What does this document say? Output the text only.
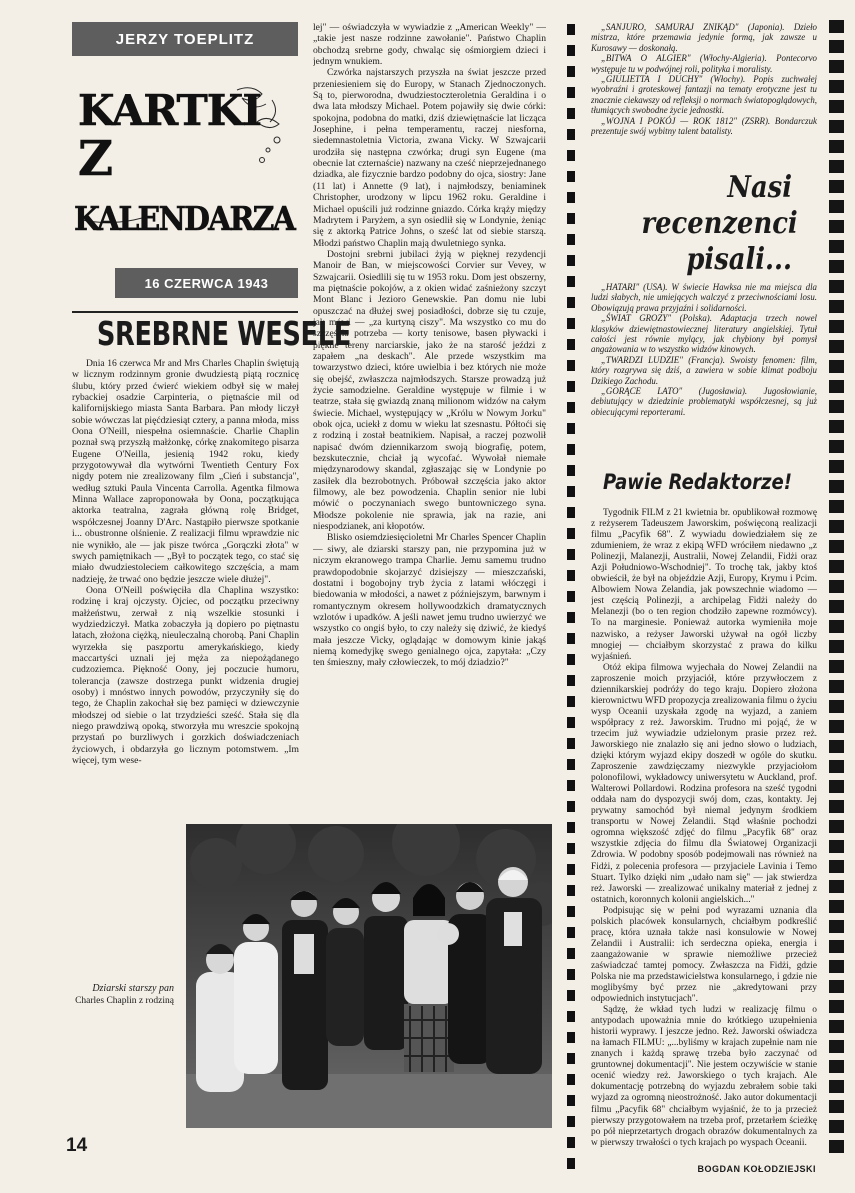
JERZY TOEPLITZ
KARTKI
Z
KALENDARZA
16 CZERWCA 1943
SREBRNE WESELE

Dnia 16 czerwca Mr and Mrs Charles Chaplin świętują w licznym rodzinnym gronie dwudziestą piątą rocznicę ślubu, który przed ćwierć wiekiem odbył się w małej rybackiej osadzie Carpinteria, o piętnaście mil od kalifornijskiego miasta Santa Barbara. Pan młody liczył sobie wówczas lat pięćdziesiąt cztery, a panna młoda, miss Oona O'Neill, niespełna osiemnaście. Charlie Chaplin poznał swą przyszłą małżonkę, córkę znakomitego pisarza Eugene O'Neilla, jesienią 1942 roku, kiedy przygotowywał dla wytwórni Twentieth Century Fox nigdy potem nie zrealizowany film „Cień i substancja", według sztuki Paula Vincenta Carrolla. Agentka filmowa Minna Wallace zaproponowała by Oona, początkująca aktorka teatralna, zagrała główną rolę Bridget, współczesnej Joanny D'Arc. Nastąpiło pierwsze spotkanie i... obustronne olśnienie. Z realizacji filmu wprawdzie nic nie wynikło, ale — jak pisze twórca „Gorączki złota" w swych pamiętnikach — „Był to początek tego, co stać się miało dwudziestoleciem całkowitego szczęścia, a mam nadzieję, że trwać ono będzie jeszcze wiele dłużej".

Oona O'Neill poświęciła dla Chaplina wszystko: rodzinę i kraj ojczysty. Ojciec, od początku przeciwny małżeństwu, zerwał z nią wszelkie stosunki i wydziedziczył. Matka zobaczyła ją dopiero po piętnastu latach, złożona ciężką, nieuleczalną chorobą. Pani Chaplin wyrzekła się paszportu amerykańskiego, kiedy maccartyści uznali jej męża za niepożądanego cudzoziemca. Piękność Oony, jej poczucie humoru, tolerancja (zawsze dostrzega punkt widzenia drugiej osoby) i mnóstwo innych powodów, przyczyniły się do tego, że Chaplin zakochał się bez pamięci w dziewczynie młodszej od siebie o lat trzydzieści sześć. Stała się dla niego prawdziwą opoką, stworzyła mu wreszcie spokojną przystań po burzliwych i gorzkich doświadczeniach życiowych, i obdarzyła go licznym potomstwem. „Im więcej, tym wese-

lej" — oświadczyła w wywiadzie z „American Weekly" — „takie jest nasze rodzinne zawołanie". Państwo Chaplin obchodzą srebrne gody, chwaląc się ośmiorgiem dzieci i jednym wnukiem.

Czwórka najstarszych przyszła na świat jeszcze przed przeniesieniem się do Europy, w Stanach Zjednoczonych. Są to, pierworodna, dwudziestoczteroletnia Geraldina i o dwa lata młodszy Michael. Potem pojawiły się dwie córki: spokojna, podobna do matki, dziś dziewiętnaście lat licząca Josephine, i pełna temperamentu, raczej niesforna, siedemnastoletnia Victoria, zwana Vicky. W Szwajcarii urodziła się następna czwórka; drugi syn Eugene (ma obecnie lat czternaście) nazwany na cześć nieprzejednanego dziadka, ale fizycznie bardzo podobny do ojca, siostry: Jane (11 lat) i Annette (9 lat), i najmłodszy, beniaminek Christopher, urodzony w lipcu 1962 roku. Geraldine i Michael opuścili już rodzinne gniazdo. Córka krąży między Madrytem i Paryżem, a syn osiedlił się w Londynie, żeniąc się z aktorką Patrice Johns, o sześć lat od siebie starszą. Młodzi państwo Chaplin mają dwuletniego synka.

Dostojni srebrni jubilaci żyją w pięknej rezydencji Manoir de Ban, w miejscowości Corvier sur Vevey, w Szwajcarii. Osiedlili się tu w 1953 roku. Dom jest obszerny, ma piętnaście pokojów, a z okien widać zaśnieżony szczyt Mont Blanc i Jezioro Genewskie. Pan domu nie lubi opuszczać na dłużej swej posiadłości, dobrze się tu czuje, jak mówi — „za kurtyną ciszy". Ma wszystko co mu do szczęścia potrzeba — korty tenisowe, basen pływacki i piękne tereny narciarskie, jako że na starość jeździ z zapałem „na deskach". Ale przede wszystkim ma towarzystwo dzieci, które uwielbia i bez których nie może się obejść, zwłaszcza najmłodszych. Starsze prowadzą już życie samodzielne. Geraldine występuje w filmie i w teatrze, stała się gwiazdą znaną milionom widzów na całym świecie. Michael, występujący w „Królu w Nowym Jorku" obok ojca, uciekł z domu w wieku lat szesnastu. Półtoći się z rodziną i został beatnikiem. Napisał, a raczej pozwolił napisać dwóm dziennikarzom swoją biografię, potem, bezskutecznie, chciał ją wycofać. Wywołał niemałe międzynarodowy skandal, zgłaszając się w Londynie po zasiłek dla bezrobotnych. Próbował szczęścia jako aktor filmowy, ale bez powodzenia. Chaplin senior nie lubi mówić o poczynaniach swego buntowniczego syna. Młodsze pokolenie nie sprawia, jak na razie, ani niespodzianek, ani kłopotów.

Blisko osiemdziesięcioletni Mr Charles Spencer Chaplin — siwy, ale dziarski starszy pan, nie przypomina już w niczym ekranowego trampa Charlie. Jemu samemu trudno prawdopodobnie skojarzyć dzisiejszy — mieszczański, dostatni i bogobojny tryb życia z latami włóczęgi i biedowania w młodości, a nawet z późniejszym, barwnym i romantycznym okresem hollywoodzkich dramatycznych wzlotów i upadków. A jeśli nawet jemu trudno uwierzyć we wszystko co ongiś było, to czy należy się dziwić, że kiedyś mała jeszcze Vicky, oglądając w domowym kinie jakąś niemą komedyjkę swego genialnego ojca, zapytała: „Czy ten śmieszny, mały człowieczek, to mój dziadzio?"

Dziarski starszy pan
Charles Chaplin z rodziną
14

„SANJURO, SAMURAJ ZNIKĄD" (Japonia). Dzieło mistrza, które przemawia jedynie formą, jak zawsze u Kurosawy — doskonałą.

„BITWA O ALGIER" (Włochy-Algieria). Pontecorvo występuje tu w podwójnej roli, polityka i moralisty.

„GIULIETTA I DUCHY" (Włochy). Popis zuchwałej wyobraźni i groteskowej fantazji na tematy erotyczne jest tu znacznie ciekawszy od refleksji o normach światopoglądowych, tłumiących swobodne życie jednostki.

„WOJNA I POKÓJ — ROK 1812" (ZSRR). Bondarczuk prezentuje swój wybitny talent batalisty.

Nasi
recenzenci
pisali...

„HATARI" (USA). W świecie Hawksa nie ma miejsca dla ludzi słabych, nie umiejących walczyć z przeciwnościami losu. Obowiązują prawa przyjaźni i solidarności.

„ŚWIAT GROZY" (Polska). Adaptacja trzech nowel klasyków dziewiętnastowiecznej literatury angielskiej. Tytuł całości jest równie mylący, jak chybiony był pomysł angażowania w to wszystko widzów kinowych.

„TWARDZI LUDZIE" (Francja). Swoisty fenomen: film, który rozgrywa się dziś, a zawiera w sobie klimat podboju Dzikiego Zachodu.

„GORĄCE LATO" (Jugosławia). Jugosłowianie, debiutujący w dziedzinie problematyki współczesnej, są już obiecującymi reporterami.

Pawie Redaktorze!

Tygodnik FILM z 21 kwietnia br. opublikował rozmowę z reżyserem Tadeuszem Jaworskim, poświęconą realizacji filmu „Pacyfik 68". Z wywiadu dowiedziałem się ze zdumieniem, że wraz z ekipą WFD wróciłem niedawno „z Polinezji, Malanezji, Australii, Nowej Zelandii, Fidżi oraz Azji Południowo-Wschodniej". To trochę tak, jakby ktoś obwieścił, że był na objeździe Azji, Europy, Krymu i Pcim. Albowiem Nowa Zelandia, jak powszechnie wiadomo — jest częścią Polinezji, a archipelag Fidżi należy do Melanezji (bo o ten region chodziło zapewne rozmówcy). To na marginesie. Ponieważ autorka wymieniła moje nazwisko, a reżyser Jaworski używał na ogół liczby mnogiej — chciałbym skorzystać z prawa do kilku wyjaśnień.

Otóż ekipa filmowa wyjechała do Nowej Zelandii na zaproszenie moich przyjaciół, które przywłoczem z dziennikarskiej podróży do tego kraju. Dopiero złożona kierownictwu WFD propozycja zrealizowania filmu o życiu wysp Oceanii uzyskała zgodę na wyjazd, a zaniem współpracy z reż. Jaworskim. Trudno mi pojąć, że w trzecim już wywiadzie udzielonym prasie przez reż. Jaworskiego nie znalazło się ani jedno słowo o ludziach, dzięki którym wyjazd ekipy doszedł w ogóle do skutku. Zaproszenie zawdzięczamy niezwykle przyjaciołom polonofilowi, wykładowcy uniwersytetu w Auckland, prof. Walterowi Pollardowi. Rodzina profesora na sześć tygodni oddała nam do dyspozycji swój dom, czas, kontakty. Jej prywatny samochód był niemal jedynym środkiem transportu w Nowej Zelandii. Stąd właśnie pochodzi ogromna większość zdjęć do filmu „Pacyfik 68" oraz wszystkie zdjęcia do filmu dla Światowej Organizacji Zdrowia. W podobny sposób podejmowali nas również na Fidżi, z polecenia profesora — przyjaciele Lavinia i Temo Stuart. Tylko dzięki nim „udało nam się" — jak stwierdza reż. Jaworski — zrealizować unikalny materiał z jednej z ostatnich, koronnych kolonii angielskich..."

Podpisując się w pełni pod wyrazami uznania dla polskich placówek konsularnych, chciałbym podkreślić pracę, która uznała także nasi konsulowie w Nowej Zelandii i Australii: ich serdeczna opieka, energia i zaangażowanie w sprawie niemożliwe przecież zaświadczać tamtej pomocy. Zwłaszcza na Fidżi, gdzie Polska nie ma przedstawicielstwa konsularnego, i gdzie nie moglibyśmy być przez nie „akredytowani przy odpowiednich instytucjach".

Sądzę, że wkład tych ludzi w realizację filmu o antypodach upoważnia mnie do krótkiego uzupełnienia historii wyprawy. I jeszcze jedno. Reż. Jaworski oświadcza na łamach FILMU: „...byliśmy w krajach zupełnie nam nie znanych i każdą sprawę trzeba było zaczynać od gruntownej dokumentacji". Nie jestem oczywiście w stanie ocenić wiedzy reż. Jaworskiego o tych krajach. Ale dokumentację potrzebną do wyjazdu zebrałem sobie taki wyjazd za ogromną nieostrożność. Jako autor dokumentacji filmu „Pacyfik 68" chciałbym wyjaśnić, że to ja przecież pierwszy przygotowałem na trzeba prof, przetarłem ścieżkę po pół nieprzetartych drogach obrazów dokumentalnych za w pierwszy trwałości o tych krajach po wyspach Oceanii.

BOGDAN KOŁODZIEJSKI
